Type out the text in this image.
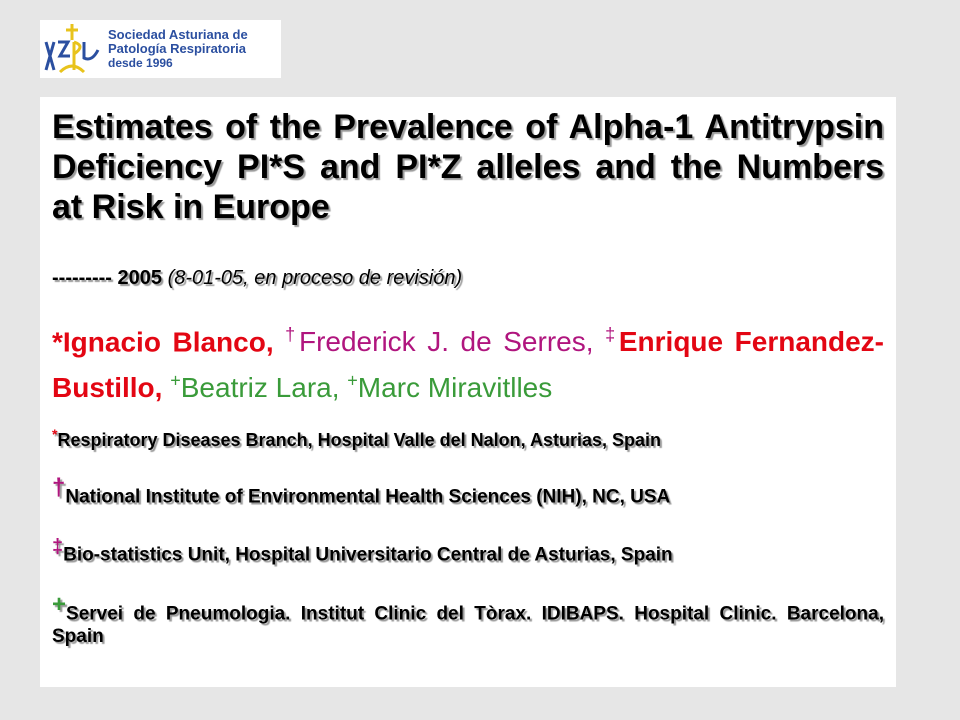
Sociedad Asturiana de
Patología Respiratoria
desde 1996
Estimates of the Prevalence of Alpha-1 Antitrypsin Deficiency PI*S and PI*Z alleles and the Numbers at Risk in Europe
--------- 2005 (8-01-05, en proceso de revisión)
*Ignacio Blanco, †Frederick J. de Serres, ‡Enrique Fernandez-Bustillo, +Beatriz Lara, +Marc Miravitlles

*Respiratory Diseases Branch, Hospital Valle del Nalon, Asturias, Spain

†National Institute of Environmental Health Sciences (NIH), NC, USA

‡Bio-statistics Unit, Hospital Universitario Central de Asturias, Spain

+Servei de Pneumologia. Institut Clinic del Tòrax. IDIBAPS. Hospital Clinic. Barcelona, Spain
